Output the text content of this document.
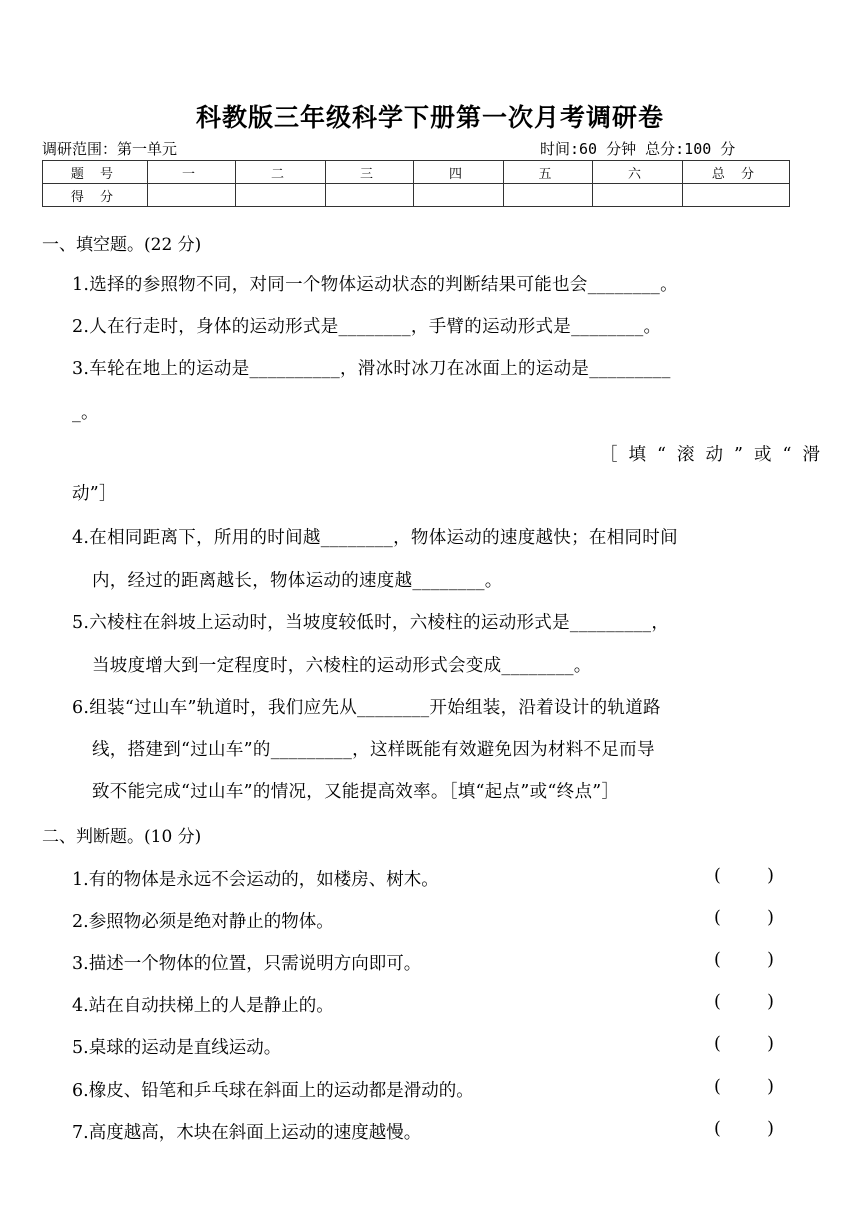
科教版三年级科学下册第一次月考调研卷
调研范围：第一单元	时间:60 分钟 总分:100 分
题 号	一	二	三	四	五	六	总 分
得 分							
一、填空题。(22 分)
1.选择的参照物不同，对同一个物体运动状态的判断结果可能也会________。
2.人在行走时，身体的运动形式是________，手臂的运动形式是________。
3.车轮在地上的运动是__________，滑冰时冰刀在冰面上的运动是_________
_。
［填“滚动”或“滑
动”］
4.在相同距离下，所用的时间越________，物体运动的速度越快；在相同时间
内，经过的距离越长，物体运动的速度越________。
5.六棱柱在斜坡上运动时，当坡度较低时，六棱柱的运动形式是_________，
当坡度增大到一定程度时，六棱柱的运动形式会变成________。
6.组装“过山车”轨道时，我们应先从________开始组装，沿着设计的轨道路
线，搭建到“过山车”的_________，这样既能有效避免因为材料不足而导
致不能完成“过山车”的情况，又能提高效率。［填“起点”或“终点”］
二、判断题。(10 分)
1.有的物体是永远不会运动的，如楼房、树木。	(	)
2.参照物必须是绝对静止的物体。	(	)
3.描述一个物体的位置，只需说明方向即可。	(	)
4.站在自动扶梯上的人是静止的。	(	)
5.桌球的运动是直线运动。	(	)
6.橡皮、铅笔和乒乓球在斜面上的运动都是滑动的。	(	)
7.高度越高，木块在斜面上运动的速度越慢。	(	)
